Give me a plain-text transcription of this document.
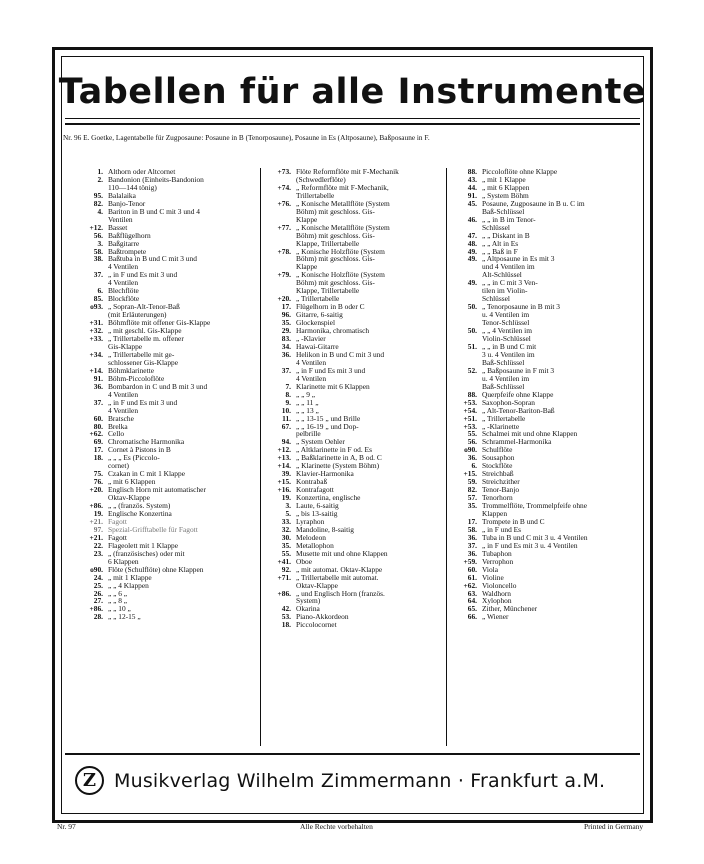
Tabellen für alle Instrumente
Nr. 96 E. Goetke, Lagentabelle für Zugposaune: Posaune in B (Tenorposaune), Posaune in Es (Altposaune), Baßposaune in F.
1. Althorn oder Altcornet
2. Bandonion (Einheits-Bandonion
110—144 tönig)
95. Balalaika
82. Banjo-Tenor
4. Bariton in B und C mit 3 und 4
Ventilen
+12. Basset
56. Baßflügelhorn
3. Baßgitarre
58. Baßtrompete
38. Baßtuba in B und C mit 3 und
4 Ventilen
37. „ in F und Es mit 3 und
4 Ventilen
6. Blechflöte
85. Blockflöte
o93. „ Sopran-Alt-Tenor-Baß
(mit Erläuterungen)
+31. Böhmflöte mit offener Gis-Klappe
+32. „ mit geschl. Gis-Klappe
+33. „ Trillertabelle m. offener
Gis-Klappe
+34. „ Trillertabelle mit ge-
schlossener Gis-Klappe
+14. Böhmklarinette
91. Böhm-Piccoloflöte
36. Bombardon in C und B mit 3 und
4 Ventilen
37. „ in F und Es mit 3 und
4 Ventilen
60. Bratsche
80. Brelka
+62. Cello
69. Chromatische Harmonika
17. Cornet à Pistons in B
18. „ „ „ Es (Piccolo-
cornet)
75. Czakan in C mit 1 Klappe
76. „ mit 6 Klappen
+20. Englisch Horn mit automatischer
Oktav-Klappe
+86. „ „ (französ. System)
19. Englische Konzertina
+21. Fagott
97. Spezial-Grifftabelle für Fagott
+21. Fagott
22. Flageolett mit 1 Klappe
23. „ (französisches) oder mit
6 Klappen
o90. Flöte (Schulflöte) ohne Klappen
24. „ mit 1 Klappe
25. „ „ 4 Klappen
26. „ „ 6 „
27. „ „ 8 „
+86. „ „ 10 „
28. „ „ 12-15 „
+73. Flöte Reformflöte mit F-Mechanik
(Schwedlerflöte)
+74. „ Reformflöte mit F-Mechanik,
Trillertabelle
+76. „ Konische Metallflöte (System
Böhm) mit geschloss. Gis-
Klappe
+77. „ Konische Metallflöte (System
Böhm) mit geschloss. Gis-
Klappe, Trillertabelle
+78. „ Konische Holzflöte (System
Böhm) mit geschloss. Gis-
Klappe
+79. „ Konische Holzflöte (System
Böhm) mit geschloss. Gis-
Klappe, Trillertabelle
+20. „ Trillertabelle
17. Flügelhorn in B oder C
96. Gitarre, 6-saitig
35. Glockenspiel
29. Harmonika, chromatisch
83. „ -Klavier
34. Hawai-Gitarre
36. Helikon in B und C mit 3 und
4 Ventilen
37. „ in F und Es mit 3 und
4 Ventilen
7. Klarinette mit 6 Klappen
8. „ „ 9 „
9. „ „ 11 „
10. „ „ 13 „
11. „ „ 13-15 „ und Brille
67. „ „ 16-19 „ und Dop-
pelbrille
94. „ System Oehler
+12. „ Altklarinette in F od. Es
+13. „ Baßklarinette in A, B od. C
+14. „ Klarinette (System Böhm)
39. Klavier-Harmonika
+15. Kontrabaß
+16. Kontrafagott
19. Konzertina, englische
3. Laute, 6-saitig
5. „ bis 13-saitig
33. Lyraphon
32. Mandoline, 8-saitig
30. Melodeon
35. Metallophon
55. Musette mit und ohne Klappen
+41. Oboe
92. „ mit automat. Oktav-Klappe
+71. „ Trillertabelle mit automat.
Oktav-Klappe
+86. „ und Englisch Horn (französ.
System)
42. Okarina
53. Piano-Akkordeon
18. Piccolocornet
88. Piccoloflöte ohne Klappe
43. „ mit 1 Klappe
44. „ mit 6 Klappen
91. „ System Böhm
45. Posaune, Zugposaune in B u. C im
Baß-Schlüssel
46. „ „ in B im Tenor-
Schlüssel
47. „ „ Diskant in B
48. „ „ Alt in Es
49. „ „ Baß in F
49. „ Altposaune in Es mit 3
und 4 Ventilen im
Alt-Schlüssel
49. „ „ in C mit 3 Ven-
tilen im Violin-
Schlüssel
50. „ Tenorposaune in B mit 3
u. 4 Ventilen im
Tenor-Schlüssel
50. „ „ 4 Ventilen im
Violin-Schlüssel
51. „ „ in B und C mit
3 u. 4 Ventilen im
Baß-Schlüssel
52. „ Baßposaune in F mit 3
u. 4 Ventilen im
Baß-Schlüssel
88. Querpfeife ohne Klappe
+53. Saxophon-Sopran
+54. „ Alt-Tenor-Bariton-Baß
+51. „ Trillertabelle
+53. „ -Klarinette
55. Schalmei mit und ohne Klappen
56. Schrammel-Harmonika
o90. Schulflöte
36. Sousaphon
6. Stockflöte
+15. Streichbaß
59. Streichzither
82. Tenor-Banjo
57. Tenorhorn
35. Trommelflöte, Trommelpfeife ohne
Klappen
17. Trompete in B und C
58. „ in F und Es
36. Tuba in B und C mit 3 u. 4 Ventilen
37. „ in F und Es mit 3 u. 4 Ventilen
36. Tubaphon
+59. Verrophon
60. Viola
61. Violine
+62. Violoncello
63. Waldhorn
64. Xylophon
65. Zither, Münchener
66. „ Wiener
Z Musikverlag Wilhelm Zimmermann · Frankfurt a.M.
Nr. 97	Alle Rechte vorbehalten	Printed in Germany
